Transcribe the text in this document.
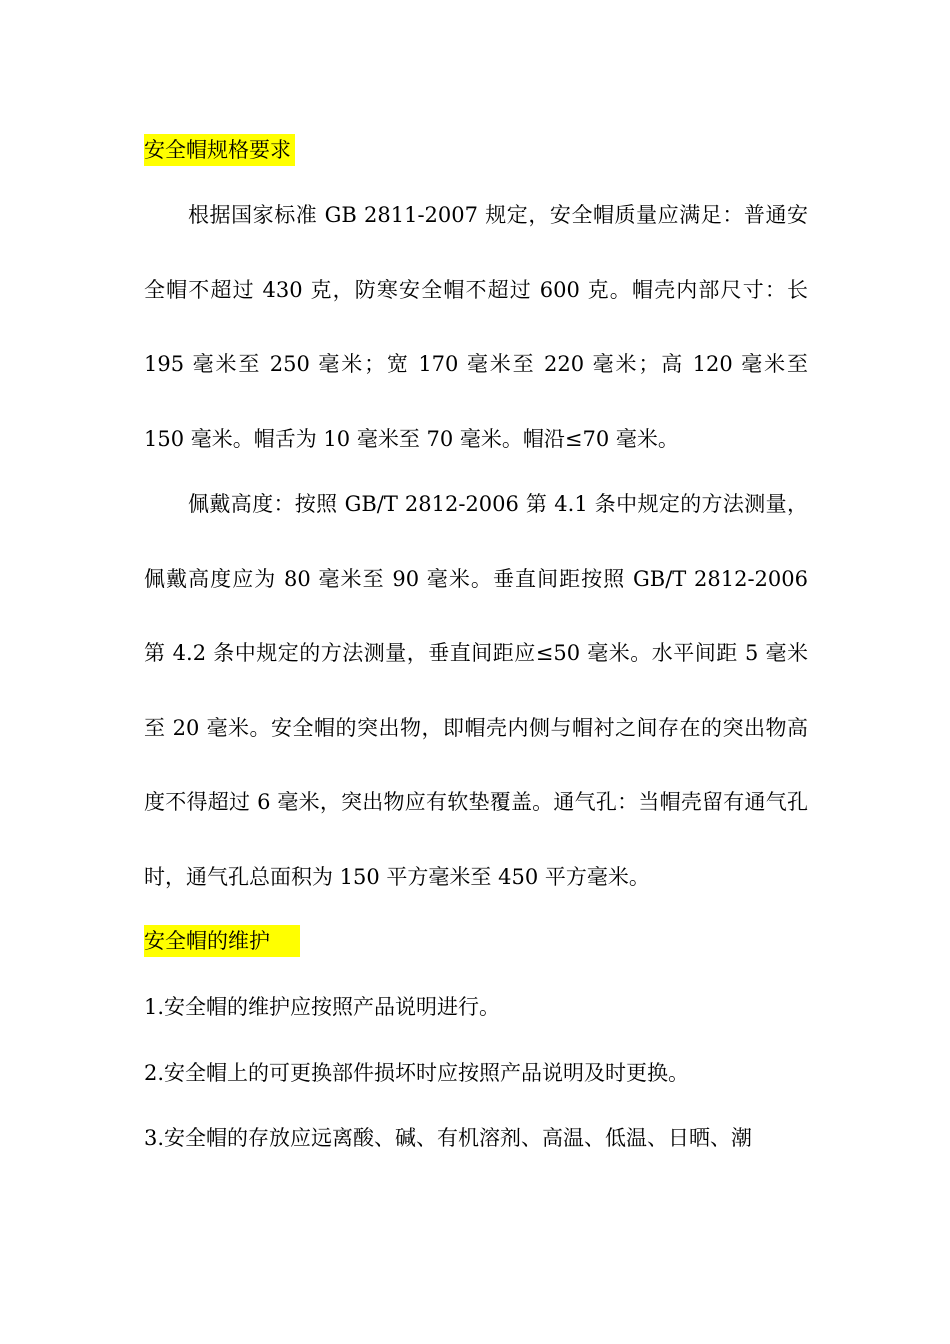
安全帽规格要求

根据国家标准 GB 2811-2007 规定，安全帽质量应满足：普通安全帽不超过 430 克，防寒安全帽不超过 600 克。帽壳内部尺寸：长 195 毫米至 250 毫米；宽 170 毫米至 220 毫米；高 120 毫米至 150 毫米。帽舌为 10 毫米至 70 毫米。帽沿≤70 毫米。

佩戴高度：按照 GB/T 2812-2006 第 4.1 条中规定的方法测量，佩戴高度应为 80 毫米至 90 毫米。垂直间距按照 GB/T 2812-2006 第 4.2 条中规定的方法测量，垂直间距应≤50 毫米。水平间距 5 毫米至 20 毫米。安全帽的突出物，即帽壳内侧与帽衬之间存在的突出物高度不得超过 6 毫米，突出物应有软垫覆盖。通气孔：当帽壳留有通气孔时，通气孔总面积为 150 平方毫米至 450 平方毫米。

安全帽的维护

1.安全帽的维护应按照产品说明进行。

2.安全帽上的可更换部件损坏时应按照产品说明及时更换。

3.安全帽的存放应远离酸、碱、有机溶剂、高温、低温、日晒、潮
